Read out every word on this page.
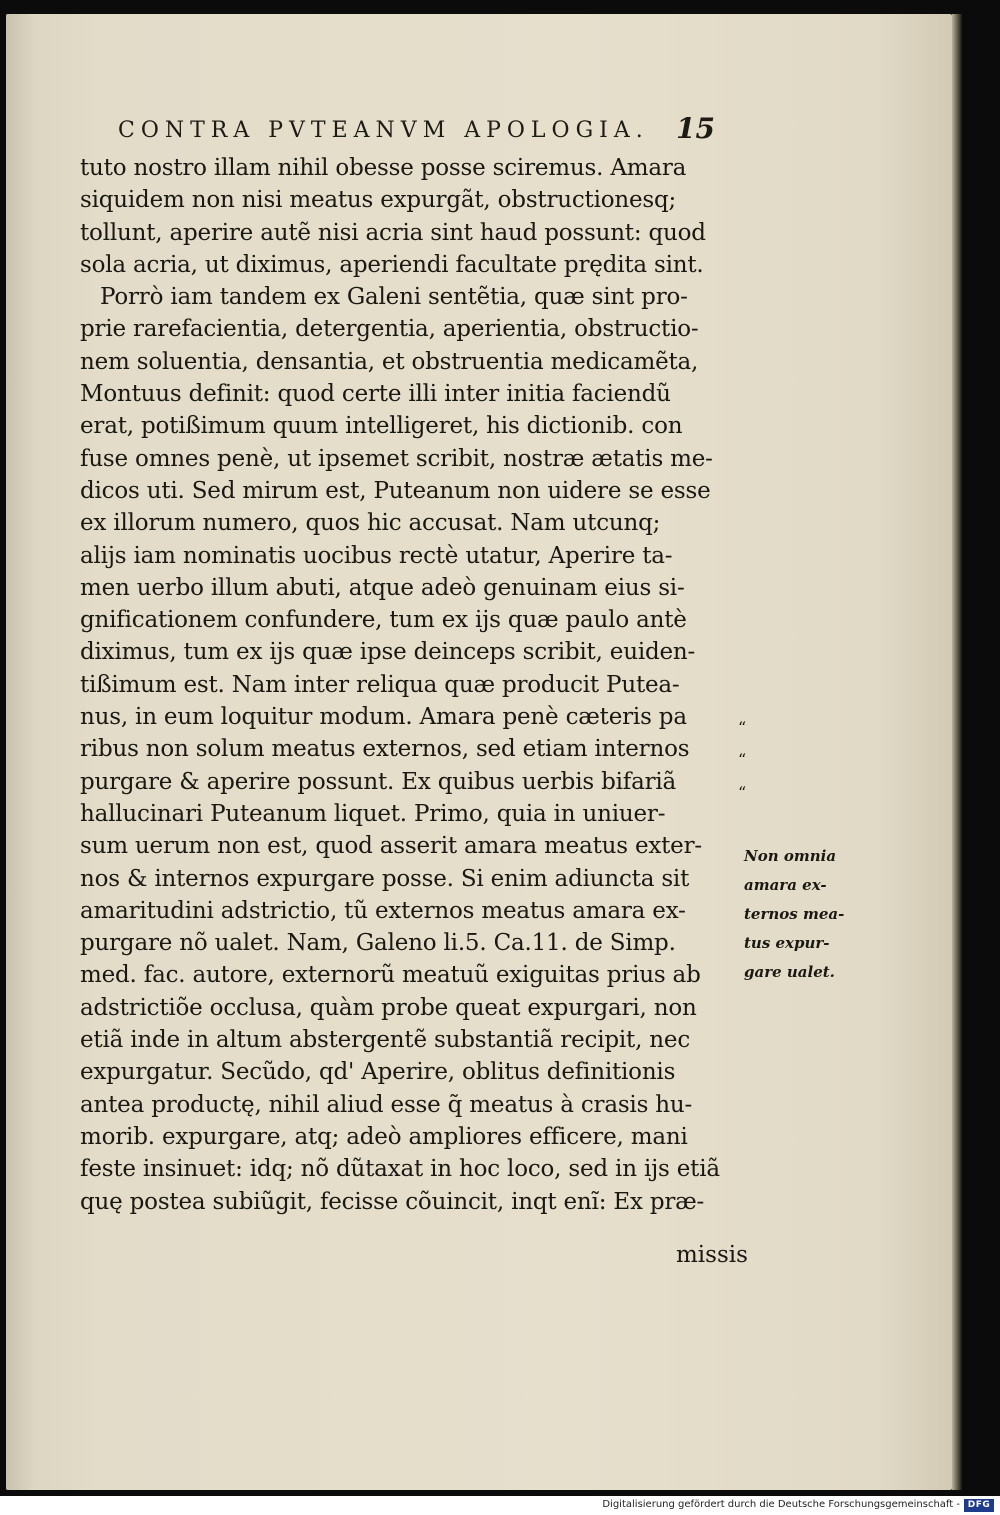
CONTRA PVTEANVM APOLOGIA. 15
tuto nostro illam nihil obesse posse sciremus. Amara
siquidem non nisi meatus expurgãt, obstructionesq;
tollunt, aperire autẽ nisi acria sint haud possunt: quod
sola acria, ut diximus, aperiendi facultate prędita sint.
Porrò iam tandem ex Galeni sentẽtia, quæ sint pro-
prie rarefacientia, detergentia, aperientia, obstructio-
nem soluentia, densantia, et obstruentia medicamẽta,
Montuus definit: quod certe illi inter initia faciendũ
erat, potißimum quum intelligeret, his dictionib. con
fuse omnes penè, ut ipsemet scribit, nostræ ætatis me-
dicos uti. Sed mirum est, Puteanum non uidere se esse
ex illorum numero, quos hic accusat. Nam utcunq;
alijs iam nominatis uocibus rectè utatur, Aperire ta-
men uerbo illum abuti, atque adeò genuinam eius si-
gnificationem confundere, tum ex ijs quæ paulo antè
diximus, tum ex ijs quæ ipse deinceps scribit, euiden-
tißimum est. Nam inter reliqua quæ producit Putea-
nus, in eum loquitur modum. Amara penè cæteris pa
ribus non solum meatus externos, sed etiam internos
purgare & aperire possunt. Ex quibus uerbis bifariã
hallucinari Puteanum liquet. Primo, quia in uniuer-
sum uerum non est, quod asserit amara meatus exter-
nos & internos expurgare posse. Si enim adiuncta sit
amaritudini adstrictio, tũ externos meatus amara ex-
purgare nõ ualet. Nam, Galeno li.5. Ca.11. de Simp.
med. fac. autore, externorũ meatuũ exiguitas prius ab
adstrictiõe occlusa, quàm probe queat expurgari, non
etiã inde in altum abstergentẽ substantiã recipit, nec
expurgatur. Secũdo, qd' Aperire, oblitus definitionis
antea productę, nihil aliud esse q̃ meatus à crasis hu-
morib. expurgare, atq; adeò ampliores efficere, mani
feste insinuet: idq; nõ dũtaxat in hoc loco, sed in ijs etiã
quę postea subiũgit, fecisse cõuincit, inqt enĩ: Ex præ-
“
“
“
Non omnia
amara ex-
ternos mea-
tus expur-
gare ualet.
missis
Digitalisierung gefördert durch die Deutsche Forschungsgemeinschaft - DFG
